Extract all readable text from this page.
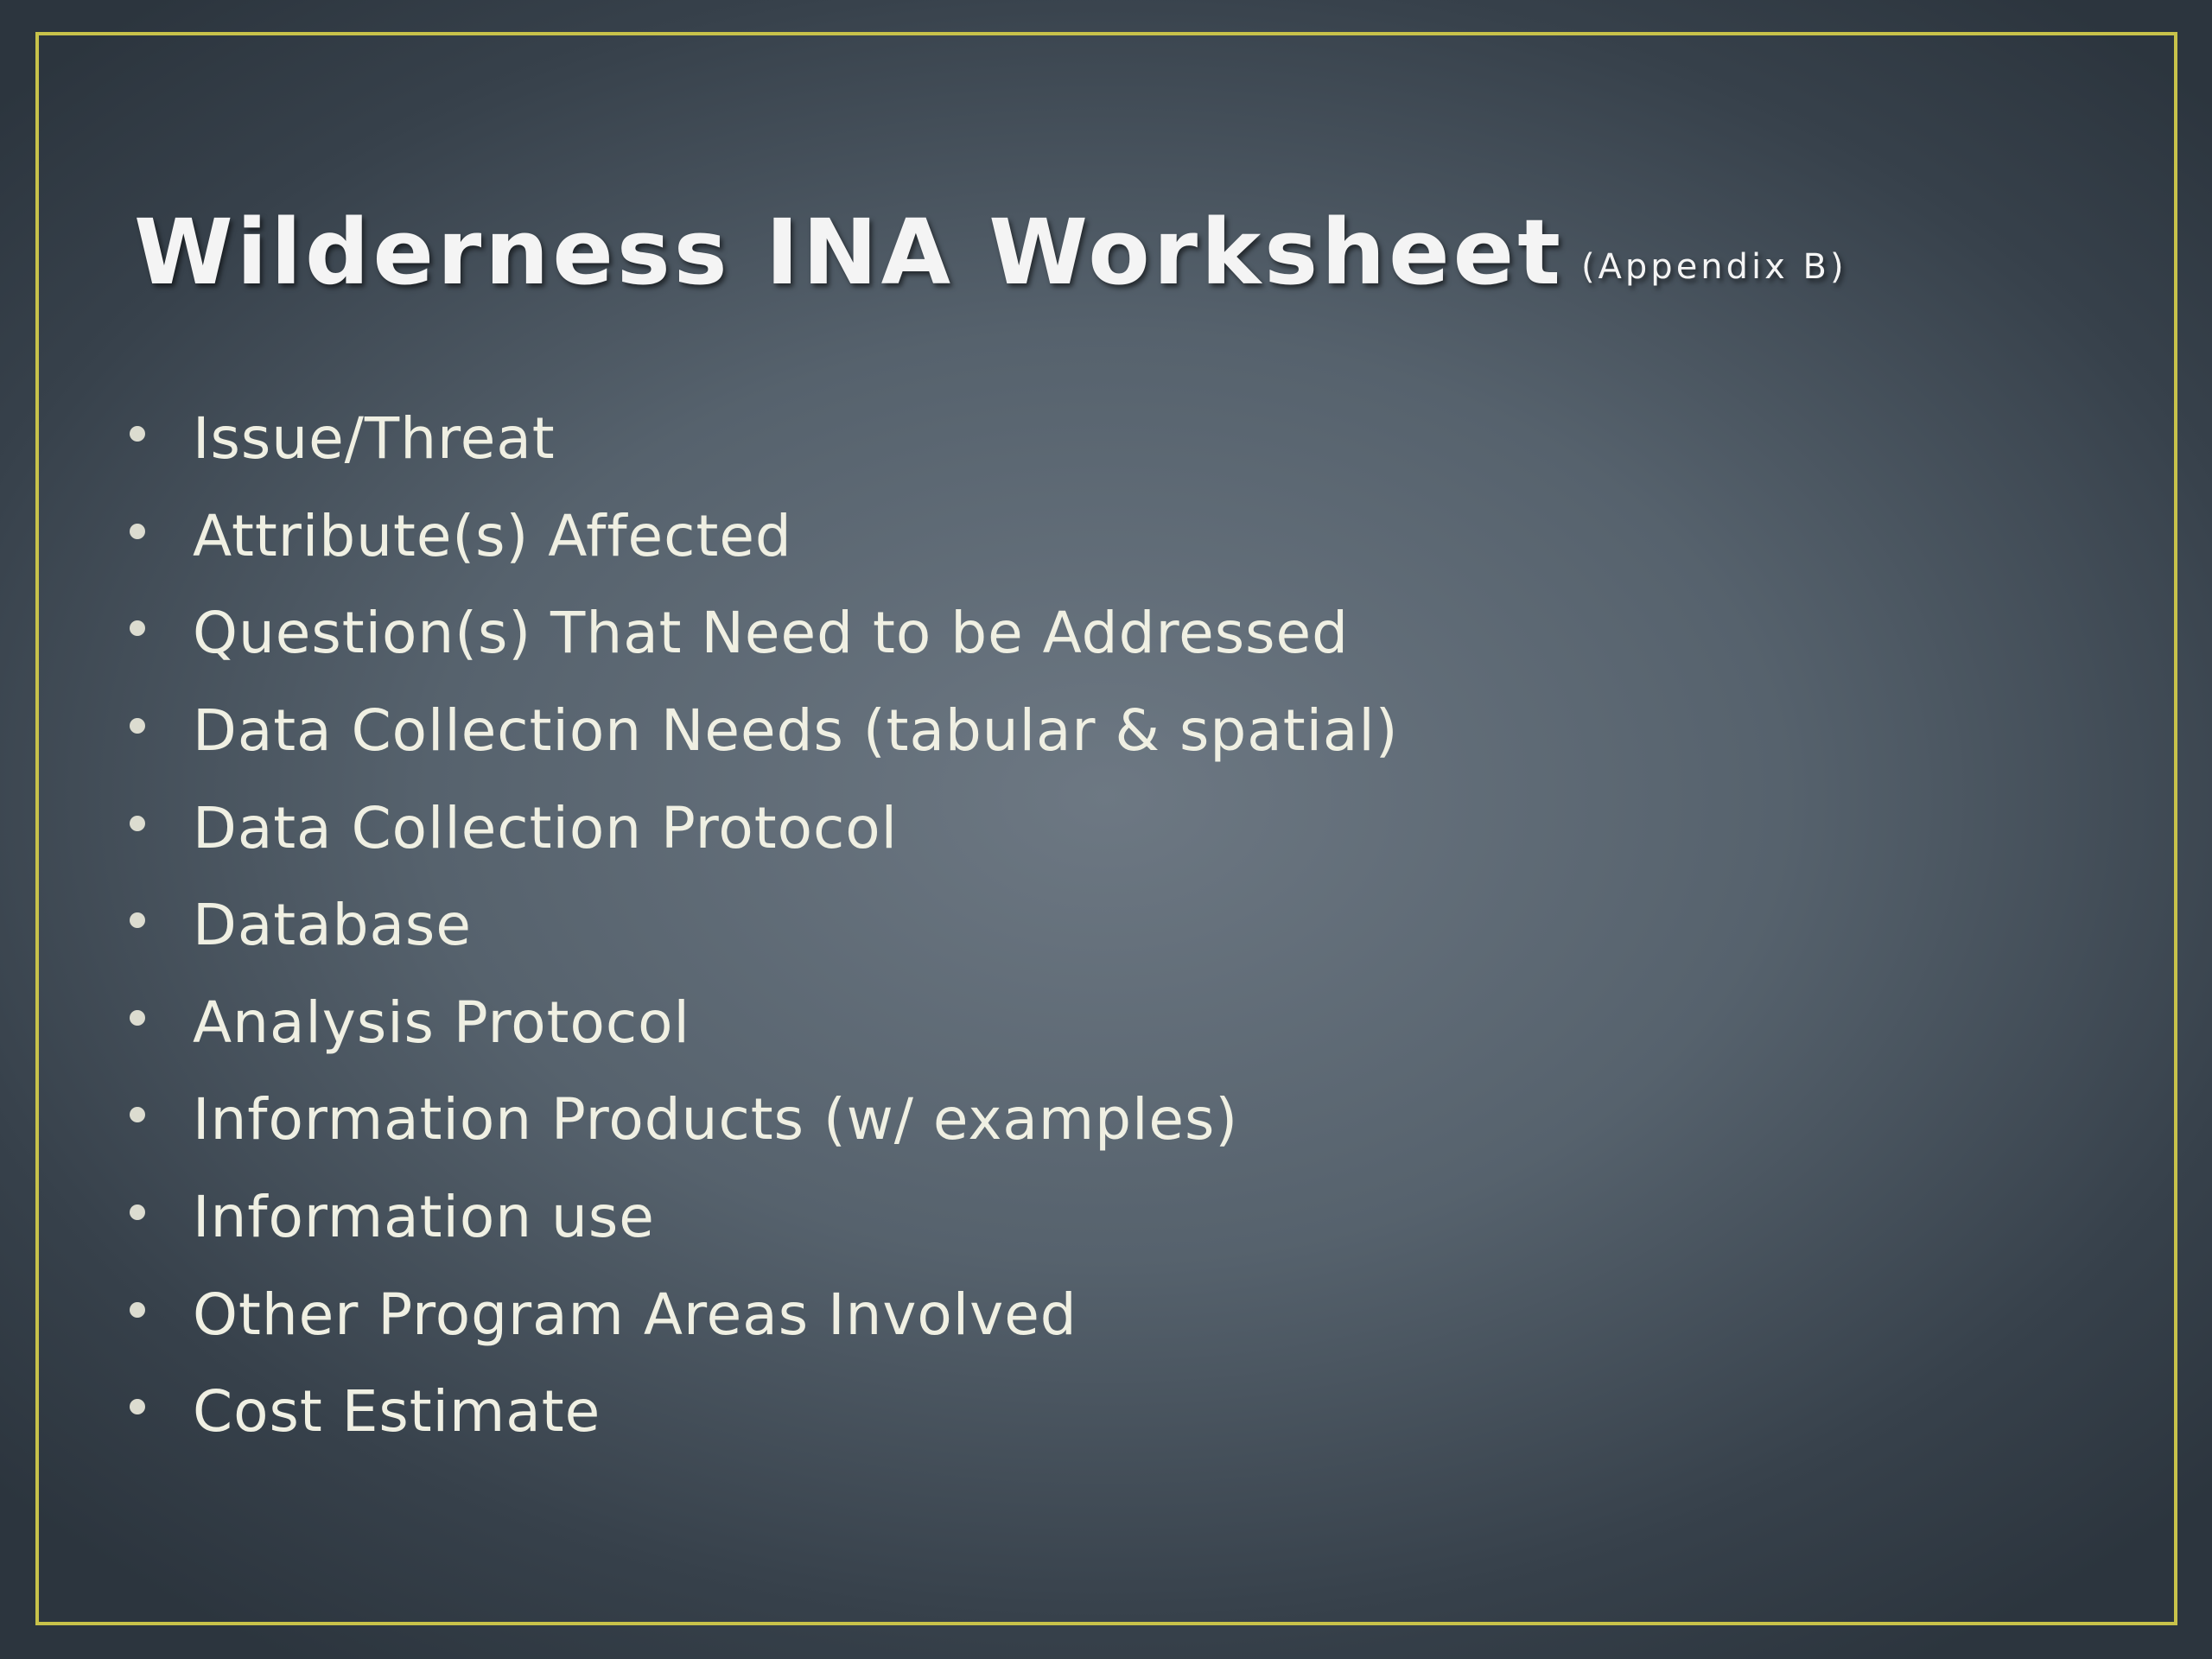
Wilderness INA Worksheet (Appendix B)
Issue/Threat
Attribute(s) Affected
Question(s) That Need to be Addressed
Data Collection Needs (tabular & spatial)
Data Collection Protocol
Database
Analysis Protocol
Information Products (w/ examples)
Information use
Other Program Areas Involved
Cost Estimate
